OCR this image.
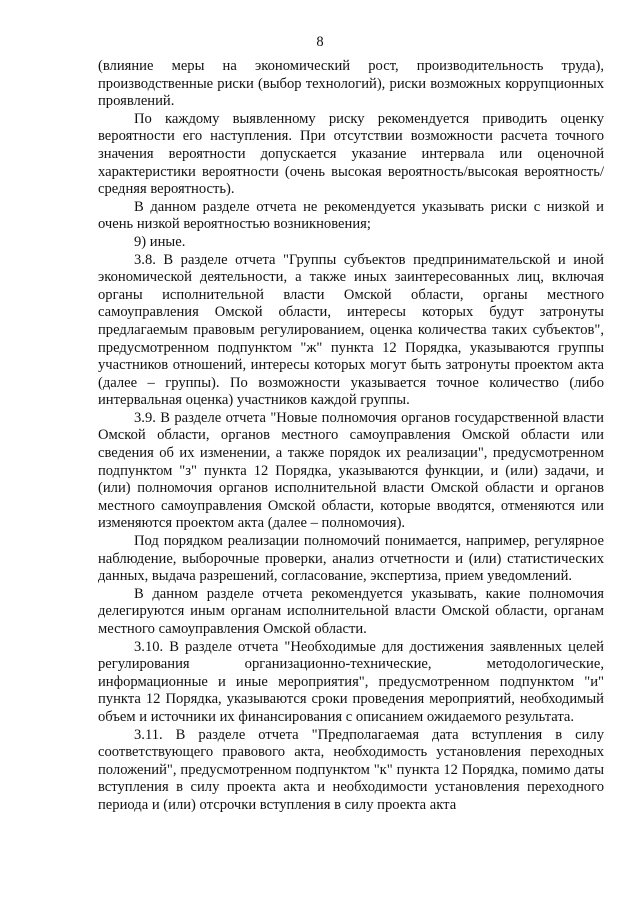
8

(влияние меры на экономический рост, производительность труда), производственные риски (выбор технологий), риски возможных коррупционных проявлений.

По каждому выявленному риску рекомендуется приводить оценку вероятности его наступления. При отсутствии возможности расчета точного значения вероятности допускается указание интервала или оценочной характеристики вероятности (очень высокая вероятность/высокая вероятность/средняя вероятность).

В данном разделе отчета не рекомендуется указывать риски с низкой и очень низкой вероятностью возникновения;

9) иные.

3.8. В разделе отчета "Группы субъектов предпринимательской и иной экономической деятельности, а также иных заинтересованных лиц, включая органы исполнительной власти Омской области, органы местного самоуправления Омской области, интересы которых будут затронуты предлагаемым правовым регулированием, оценка количества таких субъектов", предусмотренном подпунктом "ж" пункта 12 Порядка, указываются группы участников отношений, интересы которых могут быть затронуты проектом акта (далее – группы). По возможности указывается точное количество (либо интервальная оценка) участников каждой группы.

3.9. В разделе отчета "Новые полномочия органов государственной власти Омской области, органов местного самоуправления Омской области или сведения об их изменении, а также порядок их реализации", предусмотренном подпунктом "з" пункта 12 Порядка, указываются функции, и (или) задачи, и (или) полномочия органов исполнительной власти Омской области и органов местного самоуправления Омской области, которые вводятся, отменяются или изменяются проектом акта (далее – полномочия).

Под порядком реализации полномочий понимается, например, регулярное наблюдение, выборочные проверки, анализ отчетности и (или) статистических данных, выдача разрешений, согласование, экспертиза, прием уведомлений.

В данном разделе отчета рекомендуется указывать, какие полномочия делегируются иным органам исполнительной власти Омской области, органам местного самоуправления Омской области.

3.10. В разделе отчета "Необходимые для достижения заявленных целей регулирования организационно-технические, методологические, информационные и иные мероприятия", предусмотренном подпунктом "и" пункта 12 Порядка, указываются сроки проведения мероприятий, необходимый объем и источники их финансирования с описанием ожидаемого результата.

3.11. В разделе отчета "Предполагаемая дата вступления в силу соответствующего правового акта, необходимость установления переходных положений", предусмотренном подпунктом "к" пункта 12 Порядка, помимо даты вступления в силу проекта акта и необходимости установления переходного периода и (или) отсрочки вступления в силу проекта акта
